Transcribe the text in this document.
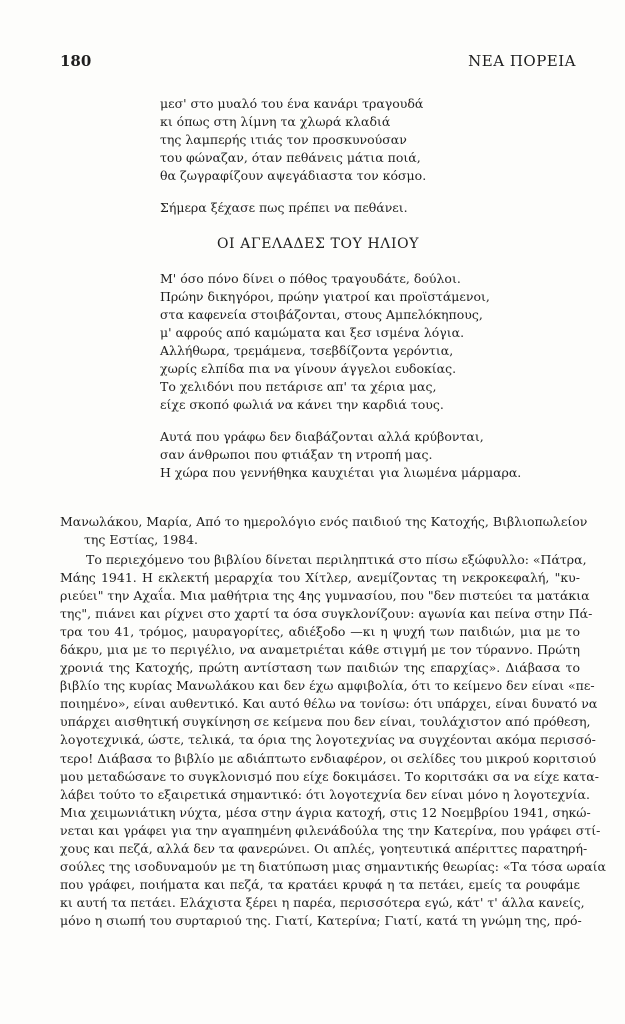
180	ΝΕΑ ΠΟΡΕΙΑ
μεσ' στο μυαλό του ένα κανάρι τραγουδά
κι όπως στη λίμνη τα χλωρά κλαδιά
της λαμπερής ιτιάς τον προσκυνούσαν
του φώναζαν, όταν πεθάνεις μάτια ποιά,
θα ζωγραφίζουν αψεγάδιαστα τον κόσμο.
Σήμερα ξέχασε πως πρέπει να πεθάνει.
ΟΙ ΑΓΕΛΑΔΕΣ ΤΟΥ ΗΛΙΟΥ
Μ' όσο πόνο δίνει ο πόθος τραγουδάτε, δούλοι.
Πρώην δικηγόροι, πρώην γιατροί και προϊστάμενοι,
στα καφενεία στοιβάζονται, στους Αμπελόκηπους,
μ' αφρούς από καμώματα και ξεσ ισμένα λόγια.
Αλλήθωρα, τρεμάμενα, τσεβδίζοντα γερόντια,
χωρίς ελπίδα πια να γίνουν άγγελοι ευδοκίας.
Το χελιδόνι που πετάρισε απ' τα χέρια μας,
είχε σκοπό φωλιά να κάνει την καρδιά τους.
Αυτά που γράφω δεν διαβάζονται αλλά κρύβονται,
σαν άνθρωποι που φτιάξαν τη ντροπή μας.
Η χώρα που γεννήθηκα καυχιέται για λιωμένα μάρμαρα.
Μανωλάκου, Μαρία, Από το ημερολόγιο ενός παιδιού της Κατοχής, Βιβλιοπωλείον
της Εστίας, 1984.
Το περιεχόμενο του βιβλίου δίνεται περιληπτικά στο πίσω εξώφυλλο: «Πάτρα,
Μάης 1941. Η εκλεκτή μεραρχία του Χίτλερ, ανεμίζοντας τη νεκροκεφαλή, "κυ-
ριεύει" την Αχαΐα. Μια μαθήτρια της 4ης γυμνασίου, που "δεν πιστεύει τα ματάκια
της", πιάνει και ρίχνει στο χαρτί τα όσα συγκλονίζουν: αγωνία και πείνα στην Πά-
τρα του 41, τρόμος, μαυραγορίτες, αδιέξοδο —κι η ψυχή των παιδιών, μια με το
δάκρυ, μια με το περιγέλιο, να αναμετριέται κάθε στιγμή με τον τύραννο. Πρώτη
χρονιά της Κατοχής, πρώτη αντίσταση των παιδιών της επαρχίας». Διάβασα το
βιβλίο της κυρίας Μανωλάκου και δεν έχω αμφιβολία, ότι το κείμενο δεν είναι «πε-
ποιημένο», είναι αυθεντικό. Και αυτό θέλω να τονίσω: ότι υπάρχει, είναι δυνατό να
υπάρχει αισθητική συγκίνηση σε κείμενα που δεν είναι, τουλάχιστον από πρόθεση,
λογοτεχνικά, ώστε, τελικά, τα όρια της λογοτεχνίας να συγχέονται ακόμα περισσό-
τερο! Διάβασα το βιβλίο με αδιάπτωτο ενδιαφέρον, οι σελίδες του μικρού κοριτσιού
μου μεταδώσανε το συγκλονισμό που είχε δοκιμάσει. Το κοριτσάκι σα να είχε κατα-
λάβει τούτο το εξαιρετικά σημαντικό: ότι λογοτεχνία δεν είναι μόνο η λογοτεχνία.
Μια χειμωνιάτικη νύχτα, μέσα στην άγρια κατοχή, στις 12 Νοεμβρίου 1941, σηκώ-
νεται και γράφει για την αγαπημένη φιλενάδούλα της την Κατερίνα, που γράφει στί-
χους και πεζά, αλλά δεν τα φανερώνει. Οι απλές, γοητευτικά απέριττες παρατηρή-
σούλες της ισοδυναμούν με τη διατύπωση μιας σημαντικής θεωρίας: «Τα τόσα ωραία
που γράφει, ποιήματα και πεζά, τα κρατάει κρυφά η τα πετάει, εμείς τα ρουφάμε
κι αυτή τα πετάει. Ελάχιστα ξέρει η παρέα, περισσότερα εγώ, κάτ' τ' άλλα κανείς,
μόνο η σιωπή του συρταριού της. Γιατί, Κατερίνα; Γιατί, κατά τη γνώμη της, πρό-
